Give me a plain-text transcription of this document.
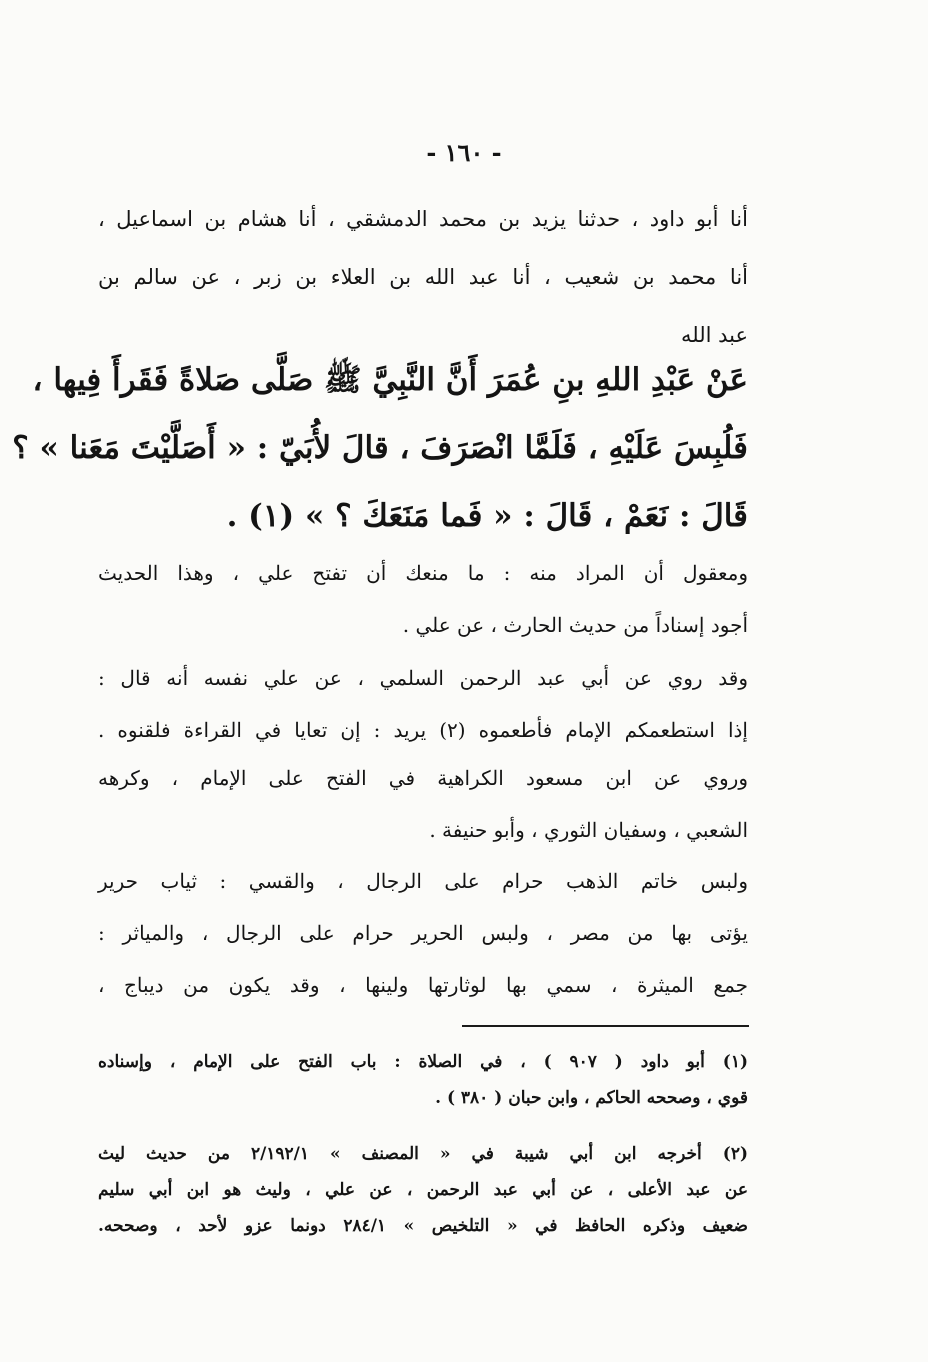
- ١٦٠ -
أنا أبو داود ، حدثنا يزيد بن محمد الدمشقي ، أنا هشام بن اسماعيل ،
أنا محمد بن شعيب ، أنا عبد الله بن العلاء بن زبر ، عن سالم بن
عبد الله
عَنْ عَبْدِ اللهِ بنِ عُمَرَ أَنَّ النَّبِيَّ ﷺ صَلَّى صَلاةً فَقَرأَ فِيها ،
فَلُبِسَ عَلَيْهِ ، فَلَمَّا انْصَرَفَ ، قالَ لأُبَيّ : « أَصَلَّيْتَ مَعَنا » ؟
قَالَ : نَعَمْ ، قَالَ : « فَما مَنَعَكَ ؟ » (١) .
ومعقول أن المراد منه : ما منعك أن تفتح علي ، وهذا الحديث
أجود إسناداً من حديث الحارث ، عن علي .
وقد روي عن أبي عبد الرحمن السلمي ، عن علي نفسه أنه قال :
إذا استطعمكم الإمام فأطعموه (٢) يريد : إن تعايا في القراءة فلقنوه .
وروي عن ابن مسعود الكراهية في الفتح على الإمام ، وكرهه
الشعبي ، وسفيان الثوري ، وأبو حنيفة .
ولبس خاتم الذهب حرام على الرجال ، والقسي : ثياب حرير
يؤتى بها من مصر ، ولبس الحرير حرام على الرجال ، والمياثر :
جمع الميثرة ، سمي بها لوثارتها ولينها ، وقد يكون من ديباج ،
(١) أبو داود ( ٩٠٧ ) ، في الصلاة : باب الفتح على الإمام ، وإسناده
قوي ، وصححه الحاكم ، وابن حبان ( ٣٨٠ ) .
(٢) أخرجه ابن أبي شيبة في « المصنف » ٢/١٩٢/١ من حديث ليث
عن عبد الأعلى ، عن أبي عبد الرحمن ، عن علي ، وليث هو ابن أبي سليم
ضعيف وذكره الحافظ في « التلخيص » ٢٨٤/١ دونما عزو لأحد ، وصححه.
